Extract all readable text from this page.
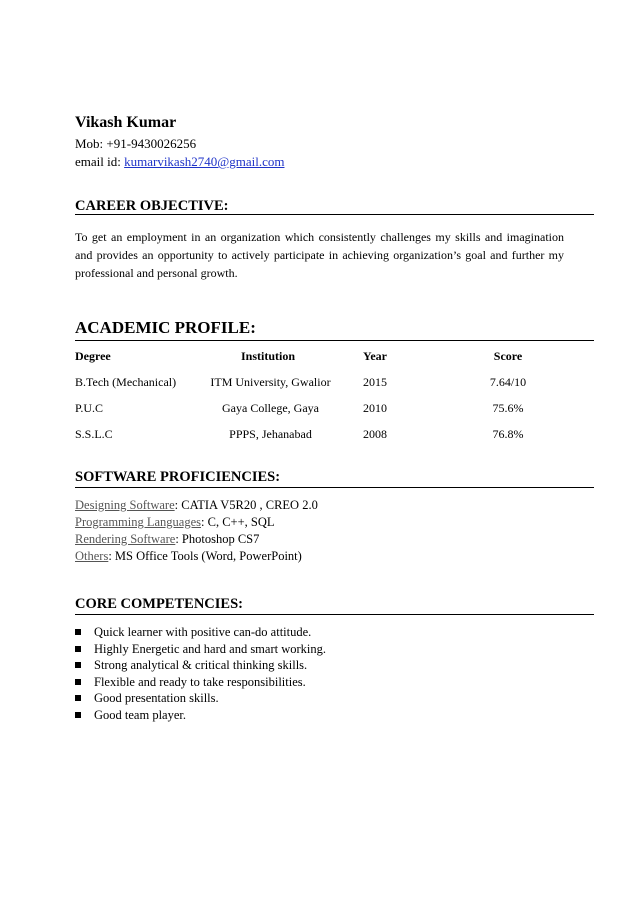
Vikash Kumar
Mob: +91-9430026256
email id: kumarvikash2740@gmail.com
CAREER OBJECTIVE:
To get an employment in an organization which consistently challenges my skills and imagination and provides an opportunity to actively participate in achieving organization’s goal and further my professional and personal growth.
ACADEMIC PROFILE:
Degree	Institution	Year	Score
B.Tech (Mechanical)	ITM University, Gwalior	2015	7.64/10
P.U.C	Gaya College, Gaya	2010	75.6%
S.S.L.C	PPPS, Jehanabad	2008	76.8%
SOFTWARE PROFICIENCIES:
Designing Software: CATIA V5R20 , CREO 2.0
Programming Languages: C, C++, SQL
Rendering Software: Photoshop CS7
Others: MS Office Tools (Word, PowerPoint)
CORE COMPETENCIES:
Quick learner with positive can-do attitude.
Highly Energetic and hard and smart working.
Strong analytical & critical thinking skills.
Flexible and ready to take responsibilities.
Good presentation skills.
Good team player.
